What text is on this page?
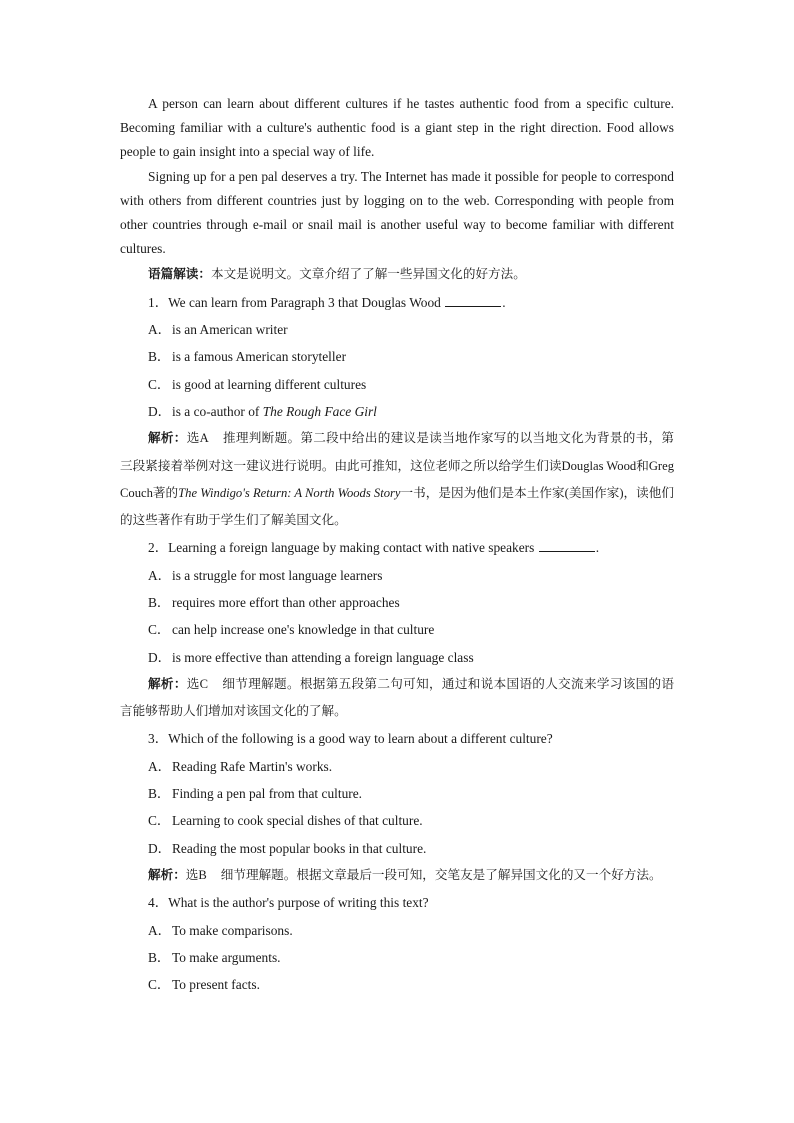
A person can learn about different cultures if he tastes authentic food from a specific culture. Becoming familiar with a culture's authentic food is a giant step in the right direction. Food allows people to gain insight into a special way of life.

Signing up for a pen pal deserves a try. The Internet has made it possible for people to correspond with others from different countries just by logging on to the web. Corresponding with people from other countries through e-mail or snail mail is another useful way to become familiar with different cultures.

语篇解读：本文是说明文。文章介绍了了解一些异国文化的好方法。

1．We can learn from Paragraph 3 that Douglas Wood	.

A．is an American writer

B． is a famous American storyteller

C． is good at learning different cultures

D．is a co-author of The Rough Face Girl

解析：选A 推理判断题。第二段中给出的建议是读当地作家写的以当地文化为背景的书，第三段紧接着举例对这一建议进行说明。由此可推知，这位老师之所以给学生们读Douglas Wood和Greg Couch著的The Windigo's Return: A North Woods Story一书，是因为他们是本土作家(美国作家)，读他们的这些著作有助于学生们了解美国文化。

2．Learning a foreign language by making contact with native speakers	.

A．is a struggle for most language learners

B． requires more effort than other approaches

C． can help increase one's knowledge in that culture

D．is more effective than attending a foreign language class

解析：选C 细节理解题。根据第五段第二句可知，通过和说本国语的人交流来学习该国的语言能够帮助人们增加对该国文化的了解。

3．Which of the following is a good way to learn about a different culture?

A．Reading Rafe Martin's works.

B． Finding a pen pal from that culture.

C． Learning to cook special dishes of that culture.

D．Reading the most popular books in that culture.

解析：选B 细节理解题。根据文章最后一段可知，交笔友是了解异国文化的又一个好方法。

4．What is the author's purpose of writing this text?

A．To make comparisons.

B． To make arguments.

C． To present facts.
